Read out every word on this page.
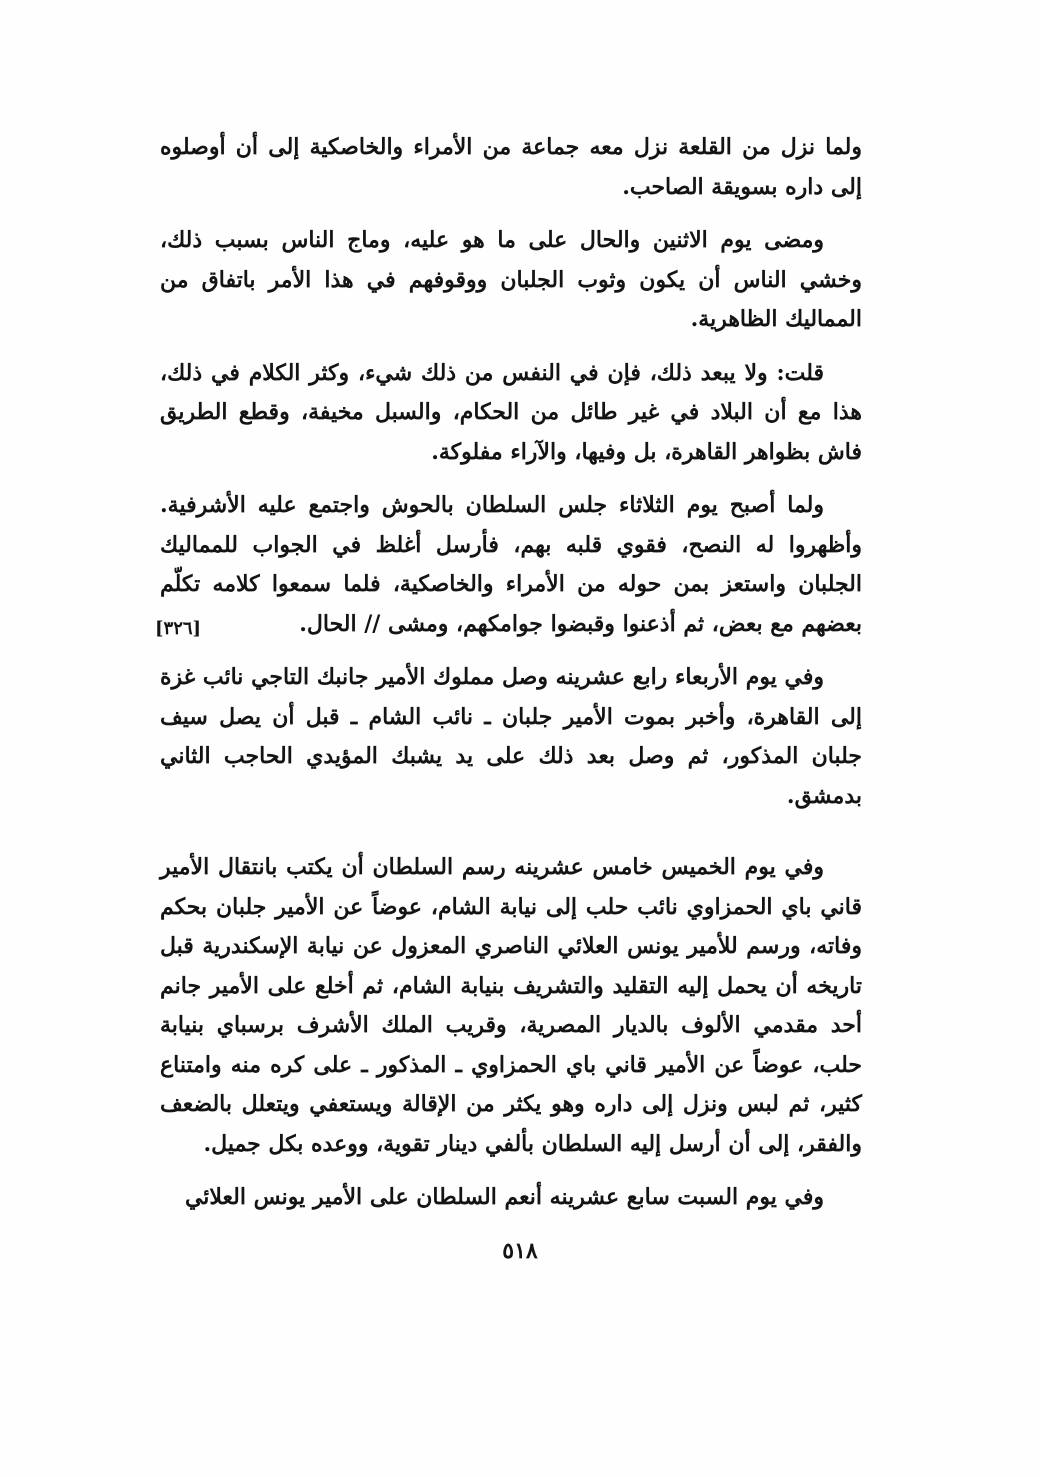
ولما نزل من القلعة نزل معه جماعة من الأمراء والخاصكية إلى أن أوصلوه إلى داره بسويقة الصاحب.

ومضى يوم الاثنين والحال على ما هو عليه، وماج الناس بسبب ذلك، وخشي الناس أن يكون وثوب الجلبان ووقوفهم في هذا الأمر باتفاق من المماليك الظاهرية.

قلت: ولا يبعد ذلك، فإن في النفس من ذلك شيء، وكثر الكلام في ذلك، هذا مع أن البلاد في غير طائل من الحكام، والسبل مخيفة، وقطع الطريق فاش بظواهر القاهرة، بل وفيها، والآراء مفلوكة.

ولما أصبح يوم الثلاثاء جلس السلطان بالحوش واجتمع عليه الأشرفية. وأظهروا له النصح، فقوي قلبه بهم، فأرسل أغلظ في الجواب للمماليك الجلبان واستعز بمن حوله من الأمراء والخاصكية، فلما سمعوا كلامه تكلّم بعضهم مع بعض، ثم أذعنوا وقبضوا جوامكهم، ومشى // الحال.

وفي يوم الأربعاء رابع عشرينه وصل مملوك الأمير جانبك التاجي نائب غزة إلى القاهرة، وأخبر بموت الأمير جلبان ـ نائب الشام ـ قبل أن يصل سيف جلبان المذكور، ثم وصل بعد ذلك على يد يشبك المؤيدي الحاجب الثاني بدمشق.

وفي يوم الخميس خامس عشرينه رسم السلطان أن يكتب بانتقال الأمير قاني باي الحمزاوي نائب حلب إلى نيابة الشام، عوضاً عن الأمير جلبان بحكم وفاته، ورسم للأمير يونس العلائي الناصري المعزول عن نيابة الإسكندرية قبل تاريخه أن يحمل إليه التقليد والتشريف بنيابة الشام، ثم أخلع على الأمير جانم أحد مقدمي الألوف بالديار المصرية، وقريب الملك الأشرف برسباي بنيابة حلب، عوضاً عن الأمير قاني باي الحمزاوي ـ المذكور ـ على كره منه وامتناع كثير، ثم لبس ونزل إلى داره وهو يكثر من الإقالة ويستعفي ويتعلل بالضعف والفقر، إلى أن أرسل إليه السلطان بألفي دينار تقوية، ووعده بكل جميل.

وفي يوم السبت سابع عشرينه أنعم السلطان على الأمير يونس العلائي

[٣٢٦]
٥١٨
